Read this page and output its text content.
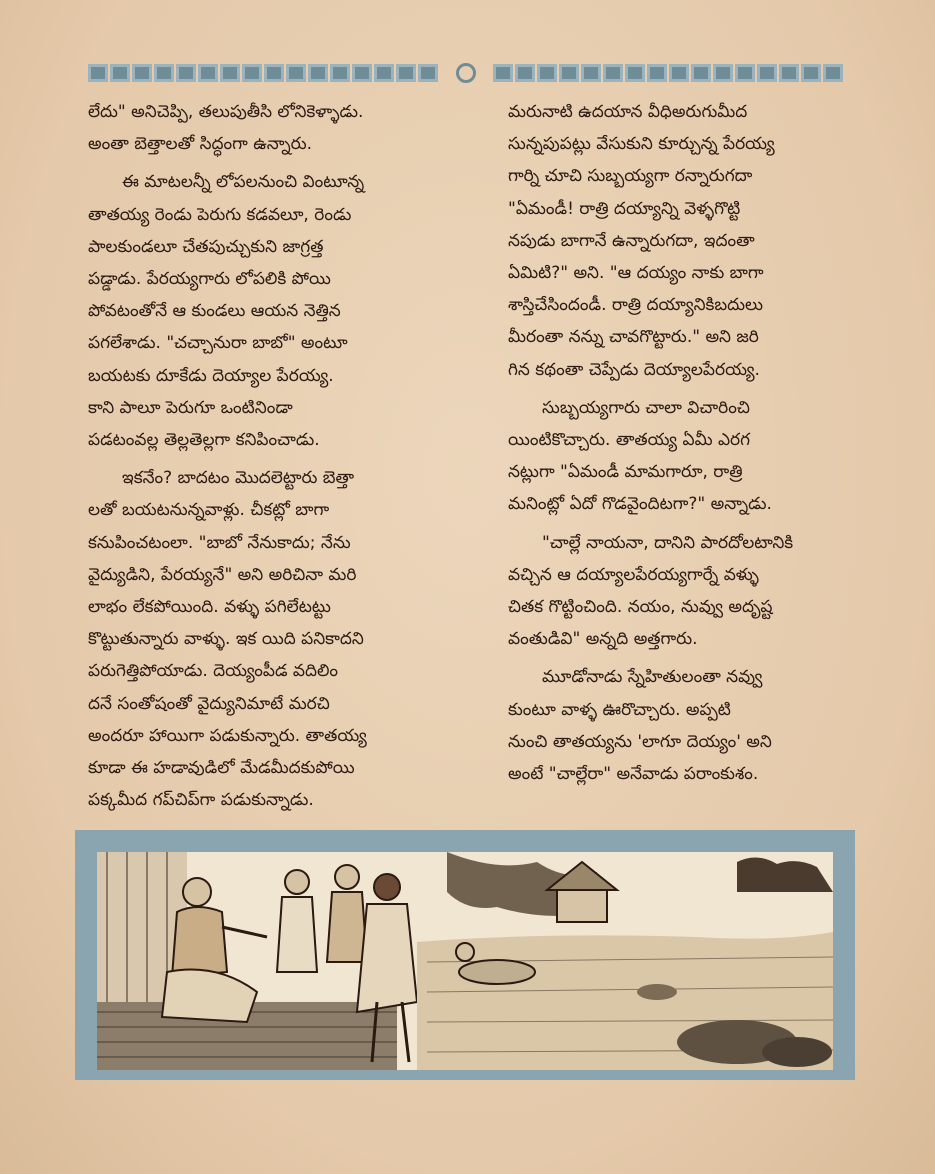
లేదు" అనిచెప్పి, తలుపుతీసి లోనికెళ్ళాడు.

అంతా బెత్తాలతో సిద్ధంగా ఉన్నారు.

ఈ మాటలన్నీ లోపలనుంచి వింటూన్న

తాతయ్య రెండు పెరుగు కడవలూ, రెండు

పాలకుండలూ చేతపుచ్చుకుని జాగ్రత్త

పడ్డాడు. పేరయ్యగారు లోపలికి పోయి

పోవటంతోనే ఆ కుండలు ఆయన నెత్తిన

పగలేశాడు. "చచ్చానురా బాబో" అంటూ

బయటకు దూకేడు దెయ్యాల పేరయ్య.

కాని పాలూ పెరుగూ ఒంటినిండా

పడటంవల్ల తెల్లతెల్లగా కనిపించాడు.

ఇకనేం? బాదటం మొదలెట్టారు బెత్తా

లతో బయటనున్నవాళ్లు. చీకట్లో బాగా

కనుపించటంలా. "బాబో నేనుకాదు; నేను

వైద్యుడిని, పేరయ్యనే" అని అరిచినా మరి

లాభం లేకపోయింది. వళ్ళు పగిలేటట్టు

కొట్టుతున్నారు వాళ్ళు. ఇక యిది పనికాదని

పరుగెత్తిపోయాడు. దెయ్యంపీడ వదిలిం

దనే సంతోషంతో వైద్యునిమాటే మరచి

అందరూ హాయిగా పడుకున్నారు. తాతయ్య

కూడా ఈ హడావుడిలో మేడమీదకుపోయి

పక్కమీద గప్‌చిప్‌గా పడుకున్నాడు.

మరునాటి ఉదయాన వీధిఅరుగుమీద

సున్నపుపట్లు వేసుకుని కూర్చున్న పేరయ్య

గార్ని చూచి సుబ్బయ్యగా రన్నారుగదా

"ఏమండీ! రాత్రి దయ్యాన్ని వెళ్ళగొట్టి

నపుడు బాగానే ఉన్నారుగదా, ఇదంతా

ఏమిటి?" అని. "ఆ దయ్యం నాకు బాగా

శాస్తిచేసిందండీ. రాత్రి దయ్యానికిబదులు

మీరంతా నన్ను చావగొట్టారు." అని జరి

గిన కథంతా చెప్పేడు దెయ్యాలపేరయ్య.

సుబ్బయ్యగారు చాలా విచారించి

యింటికొచ్చారు. తాతయ్య ఏమీ ఎరగ

నట్లుగా "ఏమండీ మామగారూ, రాత్రి

మనింట్లో ఏదో గొడవైందిటగా?" అన్నాడు.

"చాల్లే నాయనా, దానిని పారదోలటానికి

వచ్చిన ఆ దయ్యాలపేరయ్యగార్నే వళ్ళు

చితక గొట్టించింది. నయం, నువ్వు అదృష్ట

వంతుడివి" అన్నది అత్తగారు.

మూడోనాడు స్నేహితులంతా నవ్వు

కుంటూ వాళ్ళ ఊరొచ్చారు. అప్పటి

నుంచి తాతయ్యను 'లాగూ దెయ్యం' అని

అంటే "చాల్లేరా" అనేవాడు పరాంకుశం.
